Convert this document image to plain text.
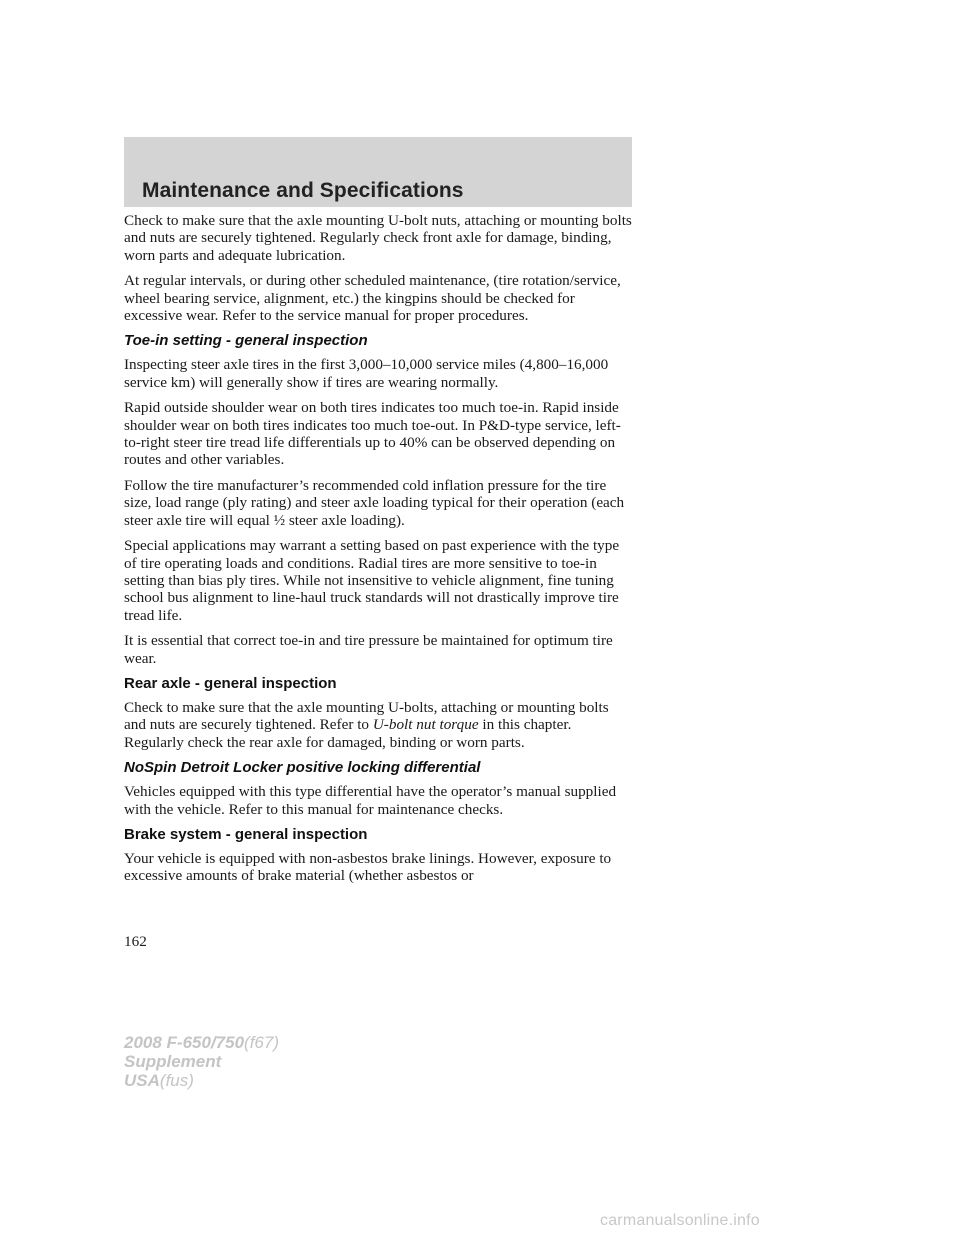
Maintenance and Specifications

Check to make sure that the axle mounting U-bolt nuts, attaching or mounting bolts and nuts are securely tightened. Regularly check front axle for damage, binding, worn parts and adequate lubrication.

At regular intervals, or during other scheduled maintenance, (tire rotation/service, wheel bearing service, alignment, etc.) the kingpins should be checked for excessive wear. Refer to the service manual for proper procedures.

Toe-in setting - general inspection

Inspecting steer axle tires in the first 3,000–10,000 service miles (4,800–16,000 service km) will generally show if tires are wearing normally.

Rapid outside shoulder wear on both tires indicates too much toe-in. Rapid inside shoulder wear on both tires indicates too much toe-out. In P&D-type service, left-to-right steer tire tread life differentials up to 40% can be observed depending on routes and other variables.

Follow the tire manufacturer’s recommended cold inflation pressure for the tire size, load range (ply rating) and steer axle loading typical for their operation (each steer axle tire will equal ½ steer axle loading).

Special applications may warrant a setting based on past experience with the type of tire operating loads and conditions. Radial tires are more sensitive to toe-in setting than bias ply tires. While not insensitive to vehicle alignment, fine tuning school bus alignment to line-haul truck standards will not drastically improve tire tread life.

It is essential that correct toe-in and tire pressure be maintained for optimum tire wear.

Rear axle - general inspection

Check to make sure that the axle mounting U-bolts, attaching or mounting bolts and nuts are securely tightened. Refer to U-bolt nut torque in this chapter. Regularly check the rear axle for damaged, binding or worn parts.

NoSpin Detroit Locker positive locking differential

Vehicles equipped with this type differential have the operator’s manual supplied with the vehicle. Refer to this manual for maintenance checks.

Brake system - general inspection

Your vehicle is equipped with non-asbestos brake linings. However, exposure to excessive amounts of brake material (whether asbestos or

162
2008 F-650/750(f67)
Supplement
USA(fus)
carmanualsonline.info
